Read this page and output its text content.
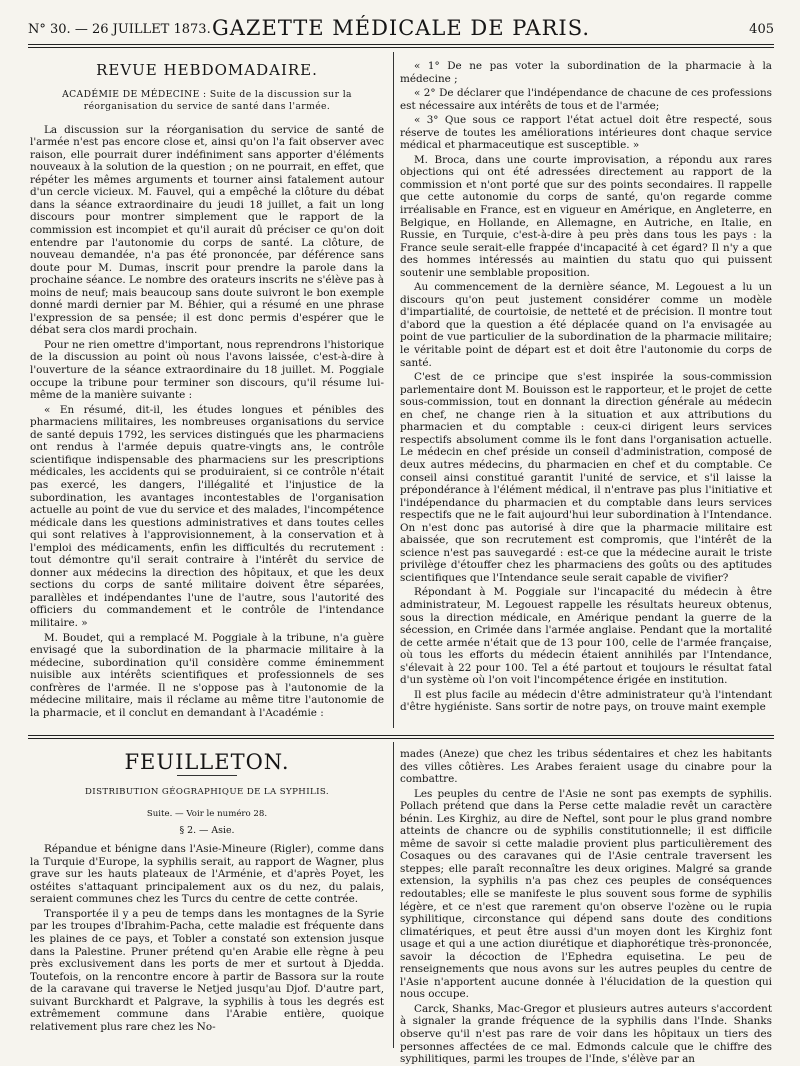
N° 30. — 26 JUILLET 1873. GAZETTE MÉDICALE DE PARIS.	405

REVUE HEBDOMADAIRE.

ACADÉMIE DE MÉDECINE : Suite de la discussion sur la
réorganisation du service de santé dans l'armée.

La discussion sur la réorganisation du service de santé de l'armée n'est pas encore close et, ainsi qu'on l'a fait observer avec raison, elle pourrait durer indéfiniment sans apporter d'éléments nouveaux à la solution de la question ; on ne pourrait, en effet, que répéter les mêmes arguments et tourner ainsi fatalement autour d'un cercle vicieux. M. Fauvel, qui a empêché la clôture du débat dans la séance extraordinaire du jeudi 18 juillet, a fait un long discours pour montrer simplement que le rapport de la commission est incompiet et qu'il aurait dû préciser ce qu'on doit entendre par l'autonomie du corps de santé. La clôture, de nouveau demandée, n'a pas été prononcée, par déférence sans doute pour M. Dumas, inscrit pour prendre la parole dans la prochaine séance. Le nombre des orateurs inscrits ne s'élève pas à moins de neuf; mais beaucoup sans doute suivront le bon exemple donné mardi dernier par M. Béhier, qui a résumé en une phrase l'expression de sa pensée; il est donc permis d'espérer que le débat sera clos mardi prochain.

Pour ne rien omettre d'important, nous reprendrons l'historique de la discussion au point où nous l'avons laissée, c'est-à-dire à l'ouverture de la séance extraordinaire du 18 juillet. M. Poggiale occupe la tribune pour terminer son discours, qu'il résume lui-même de la manière suivante :

« En résumé, dit-il, les études longues et pénibles des pharmaciens militaires, les nombreuses organisations du service de santé depuis 1792, les services distingués que les pharmaciens ont rendus à l'armée depuis quatre-vingts ans, le contrôle scientifique indispensable des pharmaciens sur les prescriptions médicales, les accidents qui se produiraient, si ce contrôle n'était pas exercé, les dangers, l'illégalité et l'injustice de la subordination, les avantages incontestables de l'organisation actuelle au point de vue du service et des malades, l'incompétence médicale dans les questions administratives et dans toutes celles qui sont relatives à l'approvisionnement, à la conservation et à l'emploi des médicaments, enfin les difficultés du recrutement : tout démontre qu'il serait contraire à l'intérêt du service de donner aux médecins la direction des hôpitaux, et que les deux sections du corps de santé militaire doivent être séparées, parallèles et indépendantes l'une de l'autre, sous l'autorité des officiers du commandement et le contrôle de l'intendance militaire. »

M. Boudet, qui a remplacé M. Poggiale à la tribune, n'a guère envisagé que la subordination de la pharmacie militaire à la médecine, subordination qu'il considère comme éminemment nuisible aux intérêts scientifiques et professionnels de ses confrères de l'armée. Il ne s'oppose pas à l'autonomie de la médecine militaire, mais il réclame au même titre l'autonomie de la pharmacie, et il conclut en demandant à l'Académie :

« 1° De ne pas voter la subordination de la pharmacie à la médecine ;

« 2° De déclarer que l'indépendance de chacune de ces professions est nécessaire aux intérêts de tous et de l'armée;

« 3° Que sous ce rapport l'état actuel doit être respecté, sous réserve de toutes les améliorations intérieures dont chaque service médical et pharmaceutique est susceptible. »

M. Broca, dans une courte improvisation, a répondu aux rares objections qui ont été adressées directement au rapport de la commission et n'ont porté que sur des points secondaires. Il rappelle que cette autonomie du corps de santé, qu'on regarde comme irréalisable en France, est en vigueur en Amérique, en Angleterre, en Belgique, en Hollande, en Allemagne, en Autriche, en Italie, en Russie, en Turquie, c'est-à-dire à peu près dans tous les pays : la France seule serait-elle frappée d'incapacité à cet égard? Il n'y a que des hommes intéressés au maintien du statu quo qui puissent soutenir une semblable proposition.

Au commencement de la dernière séance, M. Legouest a lu un discours qu'on peut justement considérer comme un modèle d'impartialité, de courtoisie, de netteté et de précision. Il montre tout d'abord que la question a été déplacée quand on l'a envisagée au point de vue particulier de la subordination de la pharmacie militaire; le véritable point de départ est et doit être l'autonomie du corps de santé.

C'est de ce principe que s'est inspirée la sous-commission parlementaire dont M. Bouisson est le rapporteur, et le projet de cette sous-commission, tout en donnant la direction générale au médecin en chef, ne change rien à la situation et aux attributions du pharmacien et du comptable : ceux-ci dirigent leurs services respectifs absolument comme ils le font dans l'organisation actuelle. Le médecin en chef préside un conseil d'administration, composé de deux autres médecins, du pharmacien en chef et du comptable. Ce conseil ainsi constitué garantit l'unité de service, et s'il laisse la prépondérance à l'élément médical, il n'entrave pas plus l'initiative et l'indépendance du pharmacien et du comptable dans leurs services respectifs que ne le fait aujourd'hui leur subordination à l'Intendance. On n'est donc pas autorisé à dire que la pharmacie militaire est abaissée, que son recrutement est compromis, que l'intérêt de la science n'est pas sauvegardé : est-ce que la médecine aurait le triste privilège d'étouffer chez les pharmaciens des goûts ou des aptitudes scientifiques que l'Intendance seule serait capable de vivifier?

Répondant à M. Poggiale sur l'incapacité du médecin à être administrateur, M. Legouest rappelle les résultats heureux obtenus, sous la direction médicale, en Amérique pendant la guerre de la sécession, en Crimée dans l'armée anglaise. Pendant que la mortalité de cette armée n'était que de 13 pour 100, celle de l'armée française, où tous les efforts du médecin étaient annihilés par l'Intendance, s'élevait à 22 pour 100. Tel a été partout et toujours le résultat fatal d'un système où l'on voit l'incompétence érigée en institution.

Il est plus facile au médecin d'être administrateur qu'à l'intendant d'être hygiéniste. Sans sortir de notre pays, on trouve maint exemple

FEUILLETON.
DISTRIBUTION GÉOGRAPHIQUE DE LA SYPHILIS.
Suite. — Voir le numéro 28.
§ 2. — Asie.

Répandue et bénigne dans l'Asie-Mineure (Rigler), comme dans la Turquie d'Europe, la syphilis serait, au rapport de Wagner, plus grave sur les hauts plateaux de l'Arménie, et d'après Poyet, les ostéites s'attaquant principalement aux os du nez, du palais, seraient communes chez les Turcs du centre de cette contrée.

Transportée il y a peu de temps dans les montagnes de la Syrie par les troupes d'Ibrahim-Pacha, cette maladie est fréquente dans les plaines de ce pays, et Tobler a constaté son extension jusque dans la Palestine. Pruner prétend qu'en Arabie elle règne à peu près exclusivement dans les ports de mer et surtout à Djedda. Toutefois, on la rencontre encore à partir de Bassora sur la route de la caravane qui traverse le Netjed jusqu'au Djof. D'autre part, suivant Burckhardt et Palgrave, la syphilis à tous les degrés est extrêmement commune dans l'Arabie entière, quoique relativement plus rare chez les No-

mades (Aneze) que chez les tribus sédentaires et chez les habitants des villes côtières. Les Arabes feraient usage du cinabre pour la combattre.

Les peuples du centre de l'Asie ne sont pas exempts de syphilis. Pollach prétend que dans la Perse cette maladie revêt un caractère bénin. Les Kirghiz, au dire de Neftel, sont pour le plus grand nombre atteints de chancre ou de syphilis constitutionnelle; il est difficile même de savoir si cette maladie provient plus particulièrement des Cosaques ou des caravanes qui de l'Asie centrale traversent les steppes; elle paraît reconnaître les deux origines. Malgré sa grande extension, la syphilis n'a pas chez ces peuples de conséquences redoutables; elle se manifeste le plus souvent sous forme de syphilis légère, et ce n'est que rarement qu'on observe l'ozène ou le rupia syphilitique, circonstance qui dépend sans doute des conditions climatériques, et peut être aussi d'un moyen dont les Kirghiz font usage et qui a une action diurétique et diaphorétique très-prononcée, savoir la décoction de l'Ephedra equisetina. Le peu de renseignements que nous avons sur les autres peuples du centre de l'Asie n'apportent aucune donnée à l'élucidation de la question qui nous occupe.

Carck, Shanks, Mac-Gregor et plusieurs autres auteurs s'accordent à signaler la grande fréquence de la syphilis dans l'Inde. Shanks observe qu'il n'est pas rare de voir dans les hôpitaux un tiers des personnes affectées de ce mal. Edmonds calcule que le chiffre des syphilitiques, parmi les troupes de l'Inde, s'élève par an
